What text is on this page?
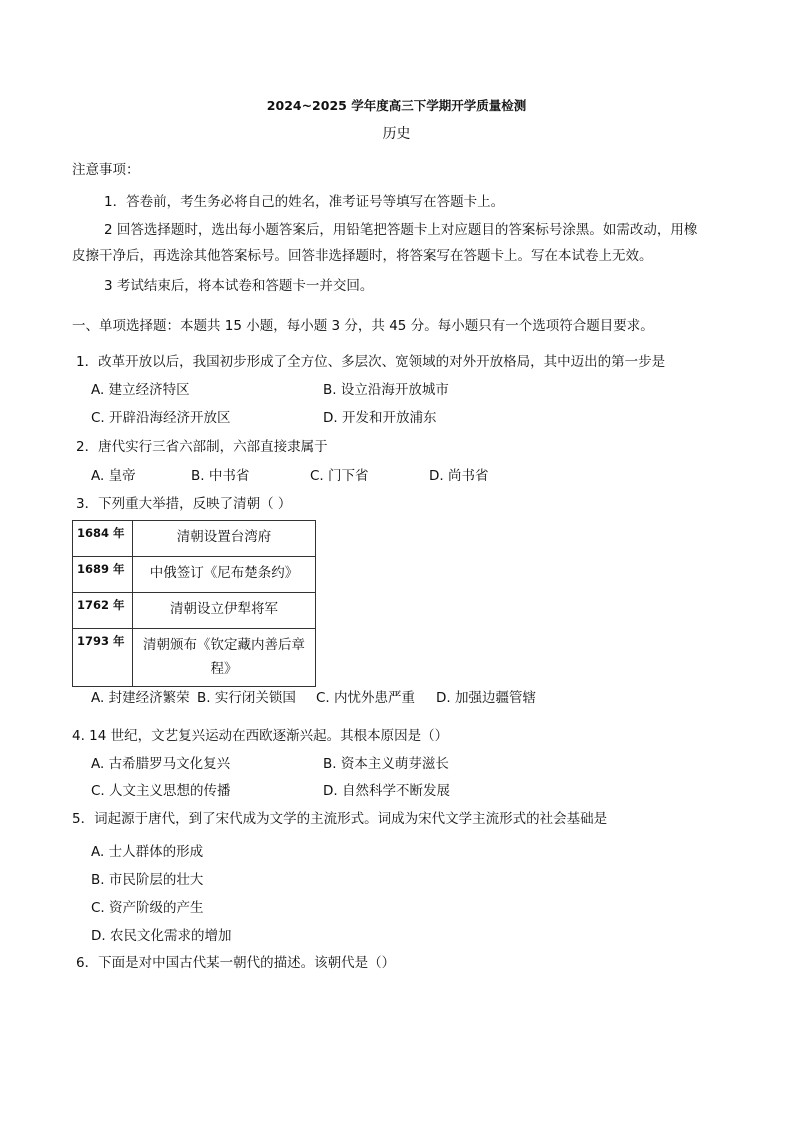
2024~2025 学年度高三下学期开学质量检测
历史
注意事项：
1．答卷前，考生务必将自己的姓名，准考证号等填写在答题卡上。
2 回答选择题时，选出每小题答案后，用铅笔把答题卡上对应题目的答案标号涂黑。如需改动，用橡
皮擦干净后，再选涂其他答案标号。回答非选择题时，将答案写在答题卡上。写在本试卷上无效。
3 考试结束后，将本试卷和答题卡一并交回。
一、单项选择题：本题共 15 小题，每小题 3 分，共 45 分。每小题只有一个选项符合题目要求。
1．改革开放以后，我国初步形成了全方位、多层次、宽领域的对外开放格局，其中迈出的第一步是
A. 建立经济特区	B. 设立沿海开放城市
C. 开辟沿海经济开放区	D. 开发和开放浦东
2．唐代实行三省六部制，六部直接隶属于
A. 皇帝	B. 中书省	C. 门下省	D. 尚书省
3．下列重大举措，反映了清朝（ ）
1684 年	清朝设置台湾府
1689 年	中俄签订《尼布楚条约》
1762 年	清朝设立伊犁将军
1793 年	清朝颁布《钦定藏内善后章
程》
A. 封建经济繁荣 B. 实行闭关锁国 C. 内忧外患严重 D. 加强边疆管辖
4. 14 世纪，文艺复兴运动在西欧逐渐兴起。其根本原因是（）
A. 古希腊罗马文化复兴	B. 资本主义萌芽滋长
C. 人文主义思想的传播	D. 自然科学不断发展
5．词起源于唐代，到了宋代成为文学的主流形式。词成为宋代文学主流形式的社会基础是
A. 士人群体的形成
B. 市民阶层的壮大
C. 资产阶级的产生
D. 农民文化需求的增加
6．下面是对中国古代某一朝代的描述。该朝代是（）
